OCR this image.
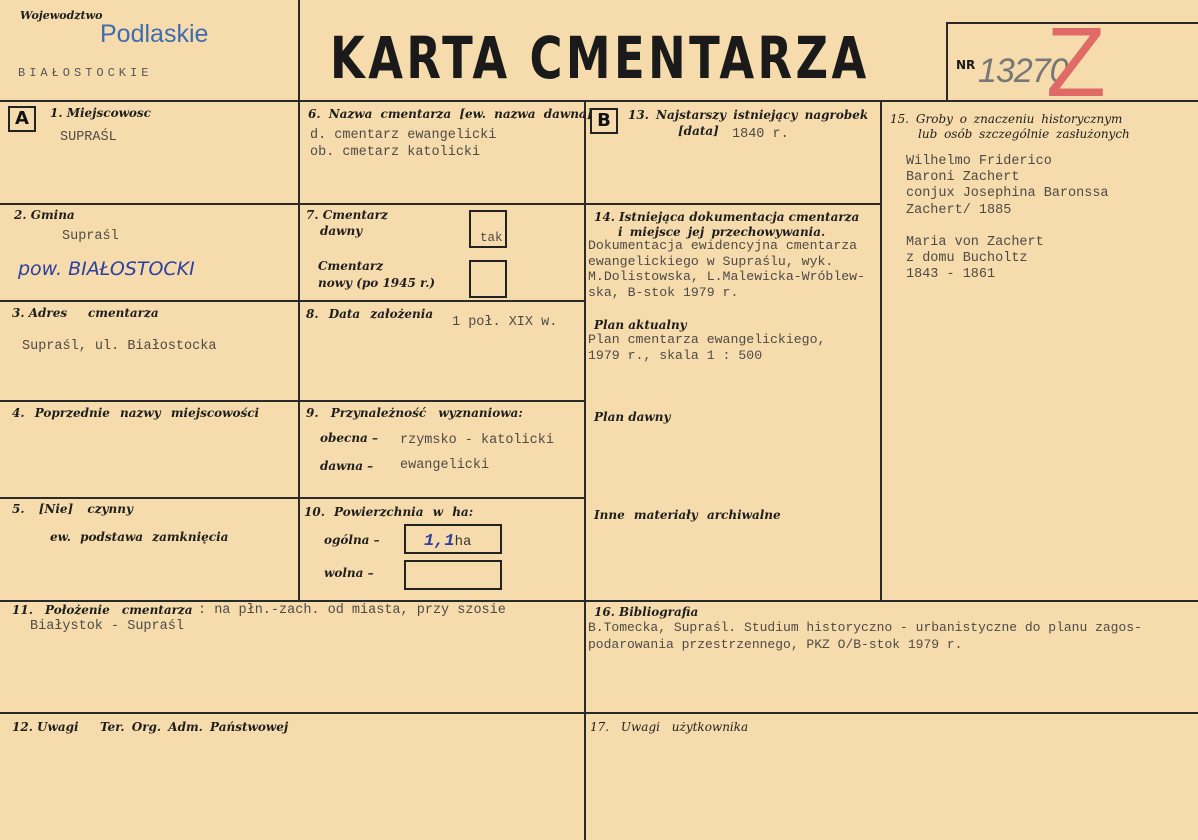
Wojewodztwo
Podlaskie
BIAŁOSTOCKIE	KARTA CMENTARZA	NR 13270
Z
A	1. Miejscowosc
SUPRAŚL
2. Gmina
Supraśl
pow. BIAŁOSTOCKI
3. Adres cmentarza
Supraśl, ul. Białostocka
4. Poprzednie nazwy miejscowości
5. [Nie] czynny
ew. podstawa zamknięcia
6. Nazwa cmentarza [ew. nazwa dawna]
d. cmentarz ewangelicki
ob. cmetarz katolicki
7. Cmentarz
dawny	tak
Cmentarz
nowy (po 1945 r.)
8. Data założenia
1 poł. XIX w.
9. Przynależność wyznaniowa:
obecna – rzymsko - katolicki
dawna – ewangelicki
10. Powierzchnia w ha:
ogólna –	1,1ha
wolna –
B	13. Najstarszy istniejący nagrobek
[data] 1840 r.
14. Istniejąca dokumentacja cmentarza
i miejsce jej przechowywania.
Dokumentacja ewidencyjna cmentarza
ewangelickiego w Supraślu, wyk.
M.Dolistowska, L.Malewicka-Wróblew-
ska, B-stok 1979 r.
Plan aktualny
Plan cmentarza ewangelickiego,
1979 r., skala 1 : 500
Plan dawny
Inne materiały archiwalne
15. Groby o znaczeniu historycznym
lub osób szczególnie zasłużonych
Wilhelmo Friderico
Baroni Zachert
conjux Josephina Baronssa
Zachert/ 1885
Maria von Zachert
z domu Bucholtz
1843 - 1861
11. Położenie cmentarza : na płn.-zach. od miasta, przy szosie
Białystok - Supraśl
16. Bibliografia
B.Tomecka, Supraśl. Studium historyczno - urbanistyczne do planu zagos-
podarowania przestrzennego, PKZ O/B-stok 1979 r.
12. Uwagi Ter. Org. Adm. Państwowej	17. Uwagi użytkownika
